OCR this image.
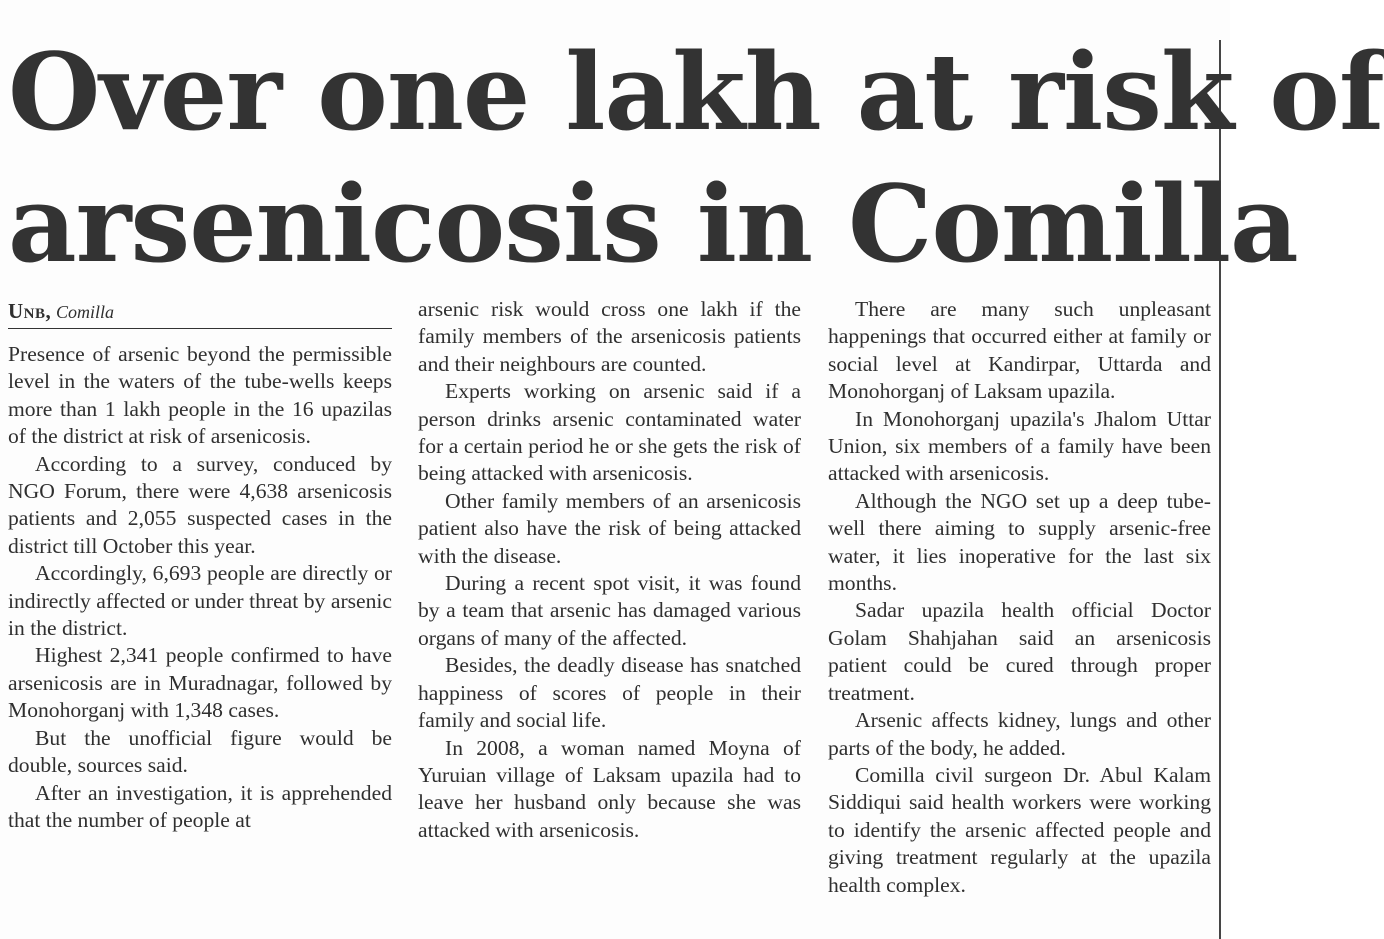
Over one lakh at risk of
arsenicosis in Comilla
Unb, Comilla

Presence of arsenic beyond the permissible level in the waters of the tube-wells keeps more than 1 lakh people in the 16 upazilas of the district at risk of arsenicosis.

According to a survey, conduced by NGO Forum, there were 4,638 arsenicosis patients and 2,055 suspected cases in the district till October this year.

Accordingly, 6,693 people are directly or indirectly affected or under threat by arsenic in the district.

Highest 2,341 people confirmed to have arsenicosis are in Muradnagar, followed by Monohorganj with 1,348 cases.

But the unofficial figure would be double, sources said.

After an investigation, it is apprehended that the number of people at

arsenic risk would cross one lakh if the family members of the arsenicosis patients and their neighbours are counted.

Experts working on arsenic said if a person drinks arsenic contaminated water for a certain period he or she gets the risk of being attacked with arsenicosis.

Other family members of an arsenicosis patient also have the risk of being attacked with the disease.

During a recent spot visit, it was found by a team that arsenic has damaged various organs of many of the affected.

Besides, the deadly disease has snatched happiness of scores of people in their family and social life.

In 2008, a woman named Moyna of Yuruian village of Laksam upazila had to leave her husband only because she was attacked with arsenicosis.

There are many such unpleasant happenings that occurred either at family or social level at Kandirpar, Uttarda and Monohorganj of Laksam upazila.

In Monohorganj upazila's Jhalom Uttar Union, six members of a family have been attacked with arsenicosis.

Although the NGO set up a deep tube-well there aiming to supply arsenic-free water, it lies inoperative for the last six months.

Sadar upazila health official Doctor Golam Shahjahan said an arsenicosis patient could be cured through proper treatment.

Arsenic affects kidney, lungs and other parts of the body, he added.

Comilla civil surgeon Dr. Abul Kalam Siddiqui said health workers were working to identify the arsenic affected people and giving treatment regularly at the upazila health complex.
